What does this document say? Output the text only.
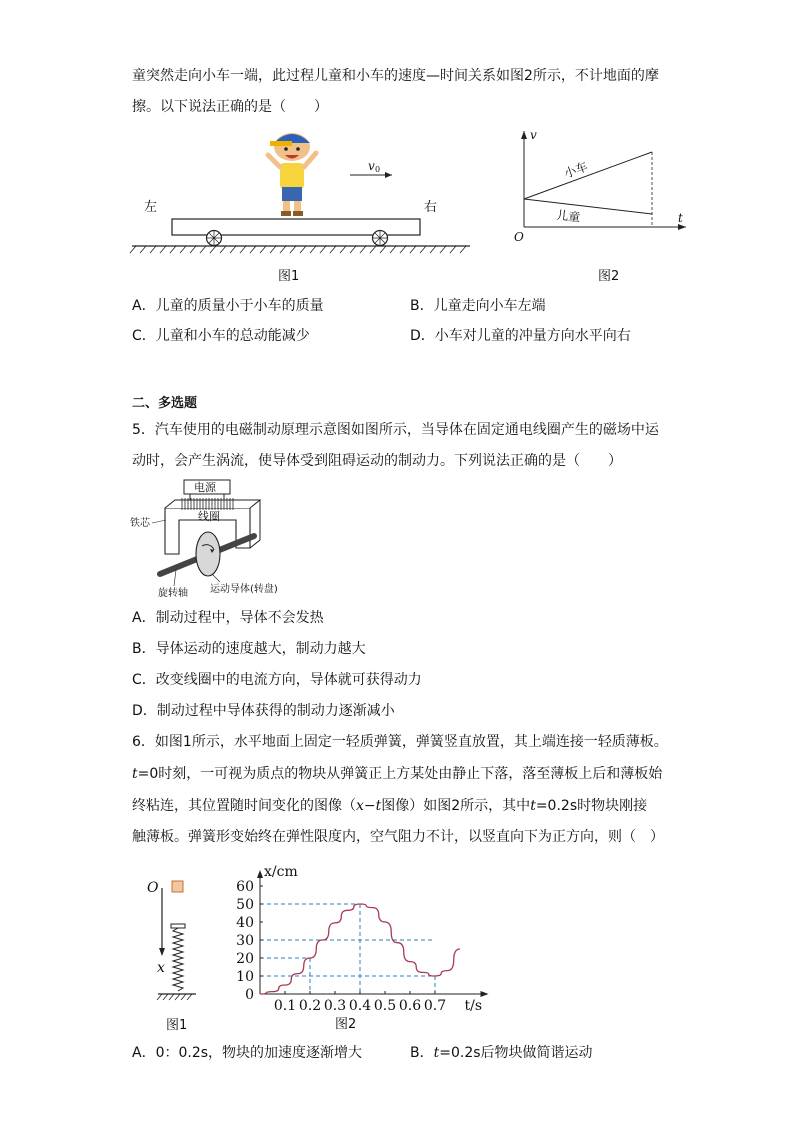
童突然走向小车一端，此过程儿童和小车的速度—时间关系如图2所示，不计地面的摩
擦。以下说法正确的是（　　）
v 0
左	右
图1
v
t
O
小车
儿童
图2
A．儿童的质量小于小车的质量	B．儿童走向小车左端
C．儿童和小车的总动能减少	D．小车对儿童的冲量方向水平向右
二、多选题
5．汽车使用的电磁制动原理示意图如图所示，当导体在固定通电线圈产生的磁场中运
动时，会产生涡流，使导体受到阻碍运动的制动力。下列说法正确的是（　　）
电源
线圈
铁芯
旋转轴 运动导体(转盘)
A．制动过程中，导体不会发热
B．导体运动的速度越大，制动力越大
C．改变线圈中的电流方向，导体就可获得动力
D．制动过程中导体获得的制动力逐渐减小
6．如图1所示，水平地面上固定一轻质弹簧，弹簧竖直放置，其上端连接一轻质薄板。
t=0时刻，一可视为质点的物块从弹簧正上方某处由静止下落，落至薄板上后和薄板始
终粘连，其位置随时间变化的图像（x−t图像）如图2所示，其中t=0.2s时物块刚接
触薄板。弹簧形变始终在弹性限度内，空气阻力不计，以竖直向下为正方向，则（　）
O
x
图1
0
10
20
30
40
50
60
0.1 0.2 0.3 0.4 0.5 0.6 0.7
x/cm
t/s
图2
A．0：0.2s，物块的加速度逐渐增大	B．t=0.2s后物块做简谐运动
